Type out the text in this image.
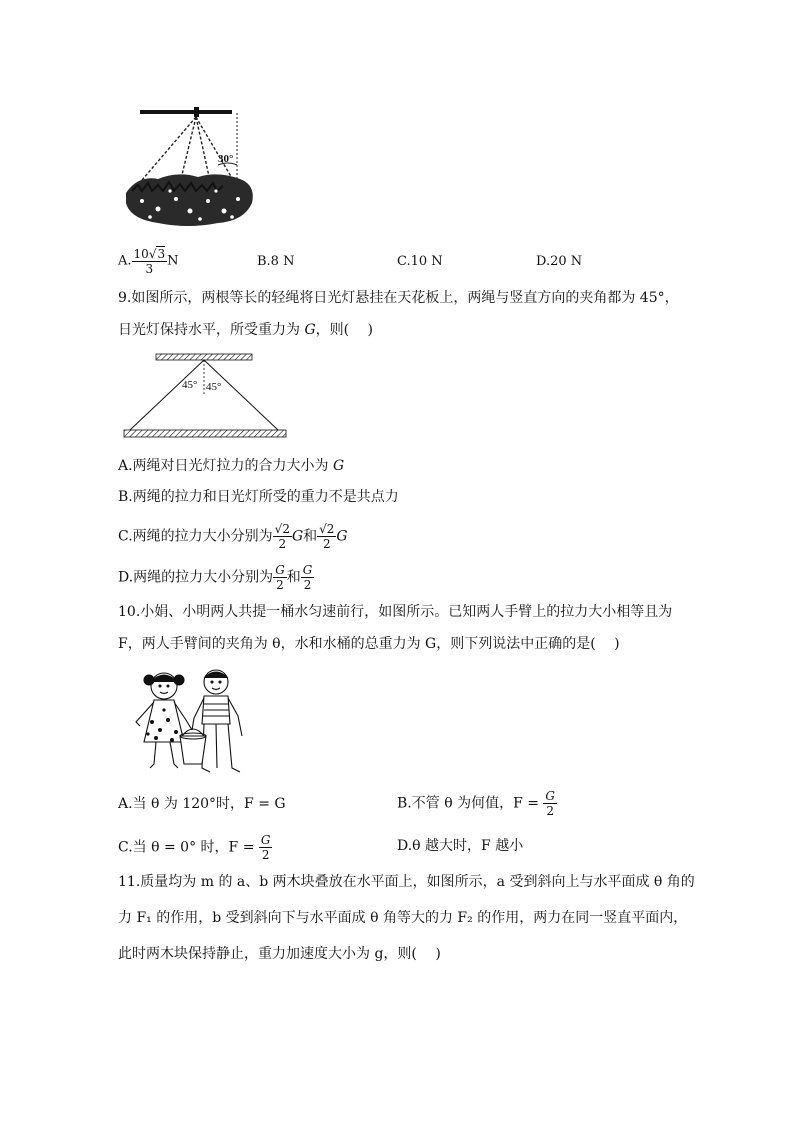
30°
A. $\frac{10√3}{3}$ N	B.8 N	C.10 N	D.20 N
9.如图所示，两根等长的轻绳将日光灯悬挂在天花板上，两绳与竖直方向的夹角都为 45°，
日光灯保持水平，所受重力为 G，则(　 )
45° 45°
A.两绳对日光灯拉力的合力大小为 G
B.两绳的拉力和日光灯所受的重力不是共点力
C.两绳的拉力大小分别为 $\frac{√2}{2}$ G和 $\frac{√2}{2}$ G
D.两绳的拉力大小分别为 $\frac{G}{2}$ 和 $\frac{G}{2}$
10.小娟、小明两人共提一桶水匀速前行，如图所示。已知两人手臂上的拉力大小相等且为
F，两人手臂间的夹角为 θ，水和水桶的总重力为 G，则下列说法中正确的是(　 )
A.当 θ 为 120°时，F = G	B.不管 θ 为何值，$F = \frac{G}{2}$
C.当 θ = 0° 时，$F = \frac{G}{2}$	D.θ 越大时，F 越小
11.质量均为 m 的 a、b 两木块叠放在水平面上，如图所示，a 受到斜向上与水平面成 θ 角的
力 F₁ 的作用，b 受到斜向下与水平面成 θ 角等大的力 F₂ 的作用，两力在同一竖直平面内，
此时两木块保持静止，重力加速度大小为 g，则(　 )
